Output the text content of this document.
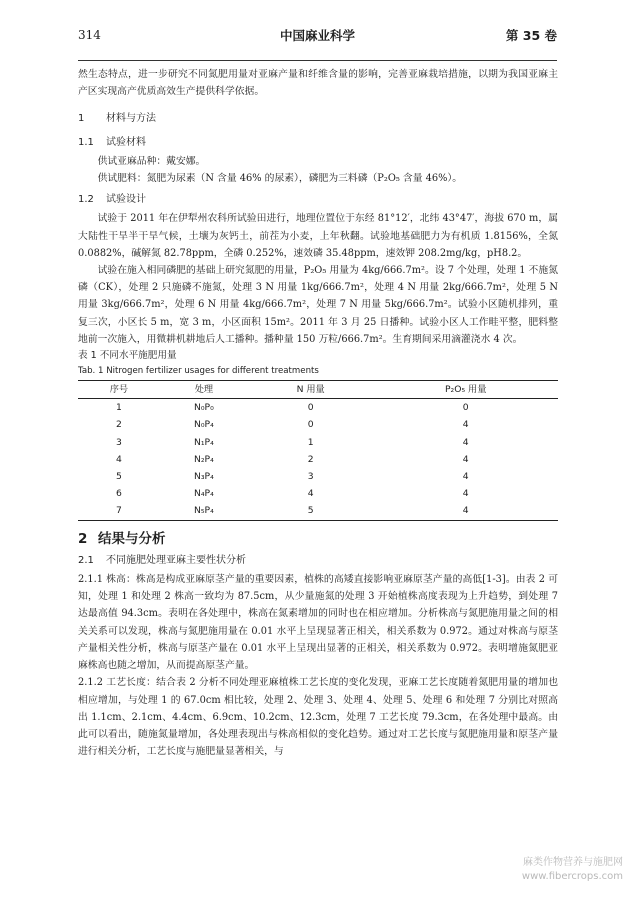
314	中国麻业科学	第 35 卷

然生态特点，进一步研究不同氮肥用量对亚麻产量和纤维含量的影响，完善亚麻栽培措施，以期为我国亚麻主产区实现高产优质高效生产提供科学依据。

1 材料与方法
1.1 试验材料

供试亚麻品种：戴安娜。

供试肥料：氮肥为尿素（N 含量 46% 的尿素），磷肥为三料磷（P₂O₅ 含量 46%）。

1.2 试验设计

试验于 2011 年在伊犁州农科所试验田进行，地理位置位于东经 81°12′，北纬 43°47′，海拔 670 m，属大陆性干旱半干旱气候，土壤为灰钙土，前茬为小麦，上年秋翻。试验地基础肥力为有机质 1.8156%，全氮 0.0882%，碱解氮 82.78ppm，全磷 0.252%，速效磷 35.48ppm，速效钾 208.2mg/kg，pH8.2。

试验在施入相同磷肥的基础上研究氮肥的用量，P₂O₅ 用量为 4kg/666.7m²。设 7 个处理，处理 1 不施氮磷（CK），处理 2 只施磷不施氮，处理 3 N 用量 1kg/666.7m²，处理 4 N 用量 2kg/666.7m²，处理 5 N 用量 3kg/666.7m²，处理 6 N 用量 4kg/666.7m²，处理 7 N 用量 5kg/666.7m²。试验小区随机排列，重复三次，小区长 5 m，宽 3 m，小区面积 15m²。2011 年 3 月 25 日播种。试验小区人工作畦平整，肥料整地前一次施入，用微耕机耕地后人工播种。播种量 150 万粒/666.7m²。生育期间采用滴灌浇水 4 次。

表 1 不同水平施肥用量

Tab. 1 Nitrogen fertilizer usages for different treatments

序号	处理	N 用量	P₂O₅ 用量
1	N₀P₀	0	0
2	N₀P₄	0	4
3	N₁P₄	1	4
4	N₂P₄	2	4
5	N₃P₄	3	4
6	N₄P₄	4	4
7	N₅P₄	5	4
2 结果与分析
2.1 不同施肥处理亚麻主要性状分析

2.1.1 株高：株高是构成亚麻原茎产量的重要因素，植株的高矮直接影响亚麻原茎产量的高低[1-3]。由表 2 可知，处理 1 和处理 2 株高一致均为 87.5cm，从少量施氮的处理 3 开始植株高度表现为上升趋势，到处理 7 达最高值 94.3cm。表明在各处理中，株高在氮素增加的同时也在相应增加。分析株高与氮肥施用量之间的相关关系可以发现，株高与氮肥施用量在 0.01 水平上呈现显著正相关，相关系数为 0.972。通过对株高与原茎产量相关性分析，株高与原茎产量在 0.01 水平上呈现出显著的正相关，相关系数为 0.972。表明增施氮肥亚麻株高也随之增加，从而提高原茎产量。

2.1.2 工艺长度：结合表 2 分析不同处理亚麻植株工艺长度的变化发现，亚麻工艺长度随着氮肥用量的增加也相应增加，与处理 1 的 67.0cm 相比较，处理 2、处理 3、处理 4、处理 5、处理 6 和处理 7 分别比对照高出 1.1cm、2.1cm、4.4cm、6.9cm、10.2cm、12.3cm，处理 7 工艺长度 79.3cm，在各处理中最高。由此可以看出，随施氮量增加，各处理表现出与株高相似的变化趋势。通过对工艺长度与氮肥施用量和原茎产量进行相关分析，工艺长度与施肥量显著相关，与

麻类作物营养与施肥网
www.fibercrops.com
